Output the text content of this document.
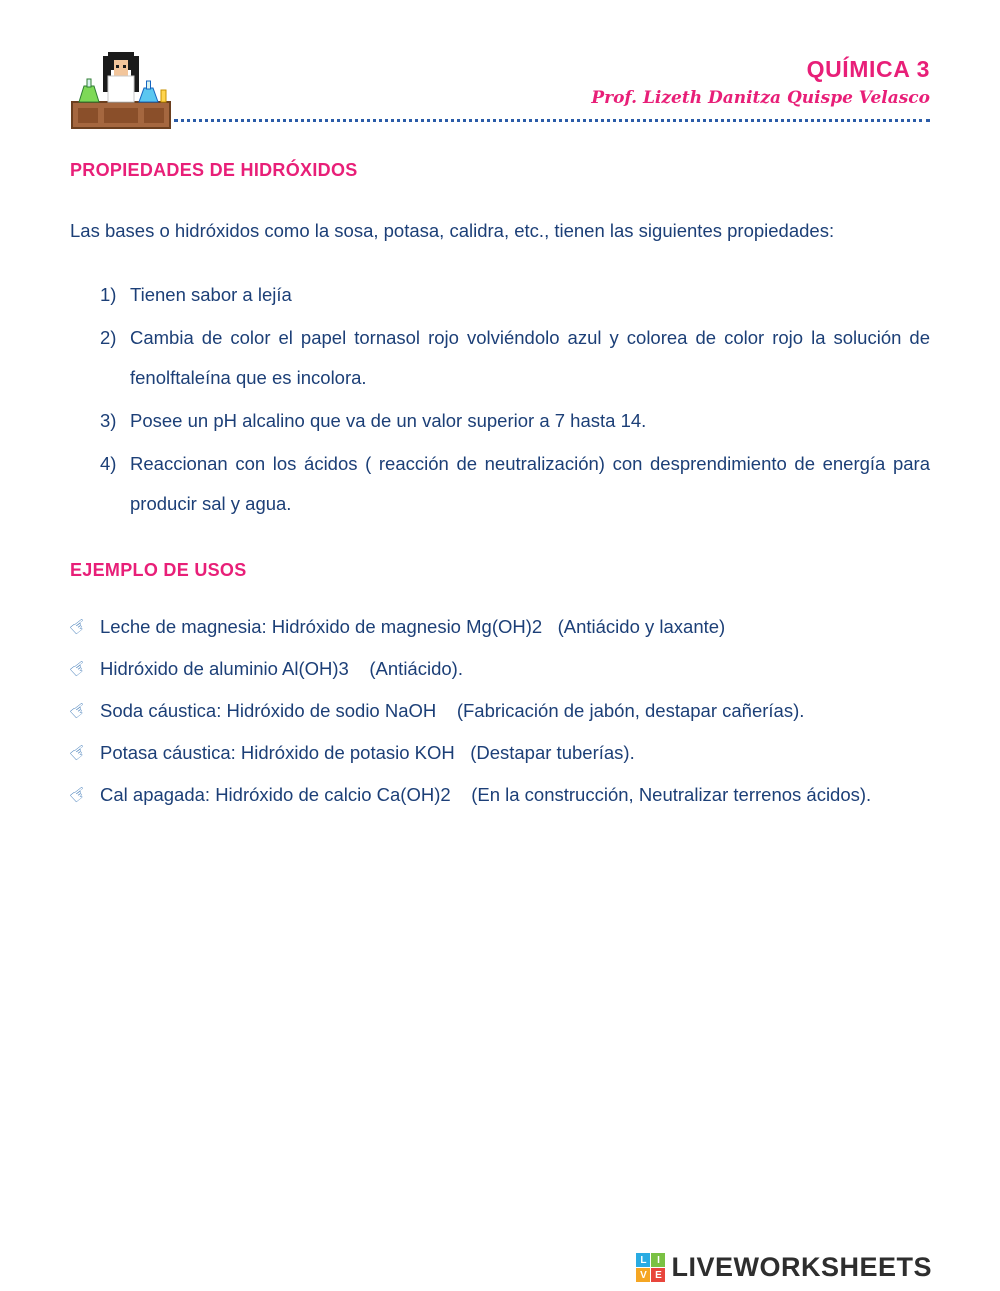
QUÍMICA 3
Prof. Lizeth Danitza Quispe Velasco
PROPIEDADES DE HIDRÓXIDOS

Las bases o hidróxidos como la sosa, potasa, calidra, etc., tienen las siguientes propiedades:

1) Tienen sabor a lejía
2) Cambia de color el papel tornasol rojo volviéndolo azul y colorea de color rojo la solución de fenolftaleína que es incolora.
3) Posee un pH alcalino que va de un valor superior a 7 hasta 14.
4) Reaccionan con los ácidos ( reacción de neutralización) con desprendimiento de energía para producir sal y agua.
EJEMPLO DE USOS
☞ Leche de magnesia: Hidróxido de magnesio Mg(OH)2   (Antiácido y laxante)
☞ Hidróxido de aluminio Al(OH)3    (Antiácido).
☞ Soda cáustica: Hidróxido de sodio NaOH    (Fabricación de jabón, destapar cañerías).
☞ Potasa cáustica: Hidróxido de potasio KOH   (Destapar tuberías).
☞ Cal apagada: Hidróxido de calcio Ca(OH)2    (En la construcción, Neutralizar terrenos ácidos).
L	I
V E LIVEWORKSHEETS
